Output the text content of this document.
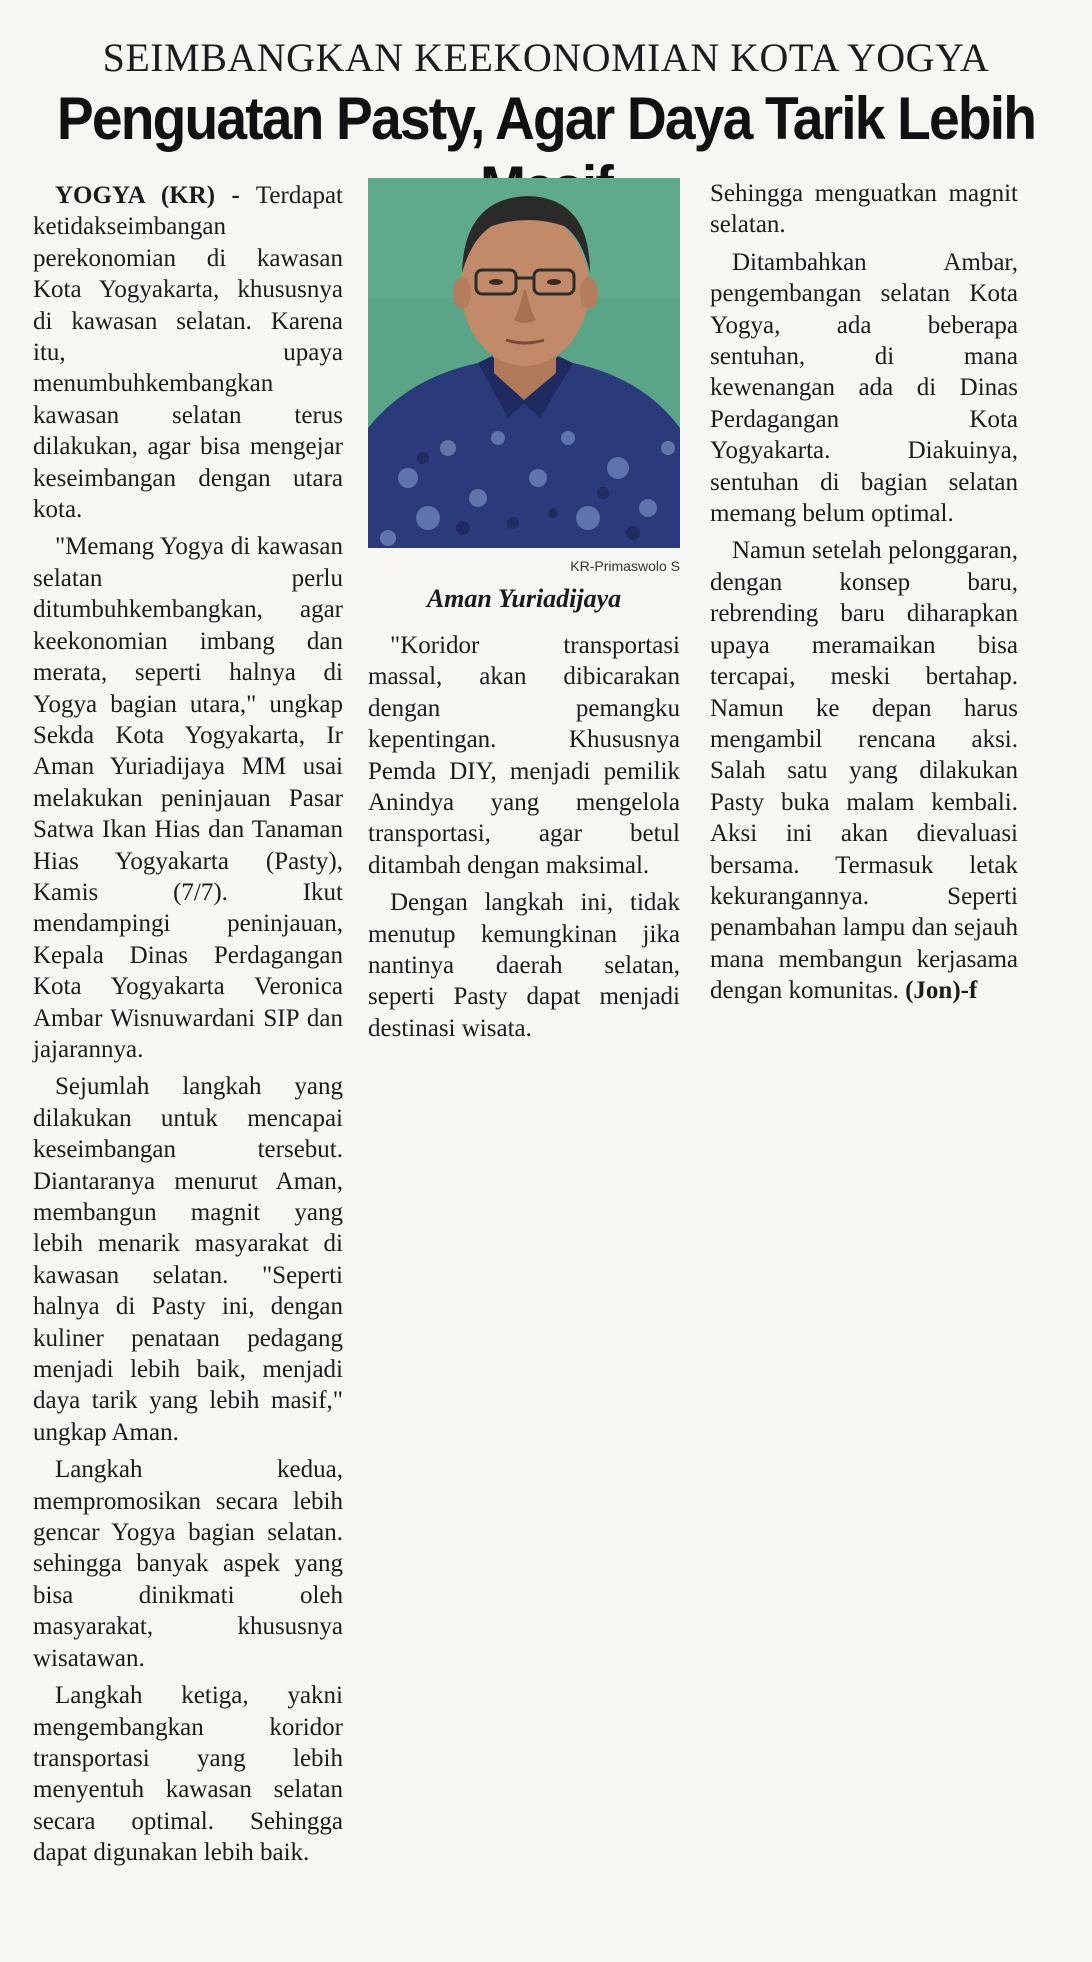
SEIMBANGKAN KEEKONOMIAN KOTA YOGYA
Penguatan Pasty, Agar Daya Tarik Lebih

YOGYA (KR) - Terdapat ketidakseimbangan perekonomian di kawasan Kota Yogyakarta, khususnya di kawasan selatan. Karena itu, upaya menumbuhkembangkan kawasan selatan terus dilakukan, agar bisa mengejar keseimbangan dengan utara kota.

"Memang Yogya di kawasan selatan perlu ditumbuhkembangkan, agar keekonomian imbang dan merata, seperti halnya di Yogya bagian utara," ungkap Sekda Kota Yogyakarta, Ir Aman Yuriadijaya MM usai melakukan peninjauan Pasar Satwa Ikan Hias dan Tanaman Hias Yogyakarta (Pasty), Kamis (7/7). Ikut mendampingi peninjauan, Kepala Dinas Perdagangan Kota Yogyakarta Veronica Ambar Wisnuwardani SIP dan jajarannya.

Sejumlah langkah yang dilakukan untuk mencapai keseimbangan tersebut. Diantaranya menurut Aman, membangun magnit yang lebih menarik masyarakat di kawasan selatan. "Seperti halnya di Pasty ini, dengan kuliner penataan pedagang menjadi lebih baik, menjadi daya tarik yang lebih masif," ungkap Aman.

Langkah kedua, mempromosikan secara lebih gencar Yogya bagian selatan. sehingga banyak aspek yang bisa dinikmati oleh masyarakat, khususnya wisatawan.

Langkah ketiga, yakni mengembangkan koridor transportasi yang lebih menyentuh kawasan selatan secara optimal. Sehingga dapat digunakan lebih baik.

KR-Primaswolo S
Aman Yuriadijaya

"Koridor transportasi massal, akan dibicarakan dengan pemangku kepentingan. Khususnya Pemda DIY, menjadi pemilik Anindya yang mengelola transportasi, agar betul ditambah dengan maksimal.

Dengan langkah ini, tidak menutup kemungkinan jika nantinya daerah selatan, seperti Pasty dapat menjadi destinasi wisata.

Sehingga menguatkan magnit selatan.

Ditambahkan Ambar, pengembangan selatan Kota Yogya, ada beberapa sentuhan, di mana kewenangan ada di Dinas Perdagangan Kota Yogyakarta. Diakuinya, sentuhan di bagian selatan memang belum optimal.

Namun setelah pelonggaran, dengan konsep baru, rebrending baru diharapkan upaya meramaikan bisa tercapai, meski bertahap. Namun ke depan harus mengambil rencana aksi. Salah satu yang dilakukan Pasty buka malam kembali. Aksi ini akan dievaluasi bersama. Termasuk letak kekurangannya. Seperti penambahan lampu dan sejauh mana membangun kerjasama dengan komunitas. (Jon)-f
